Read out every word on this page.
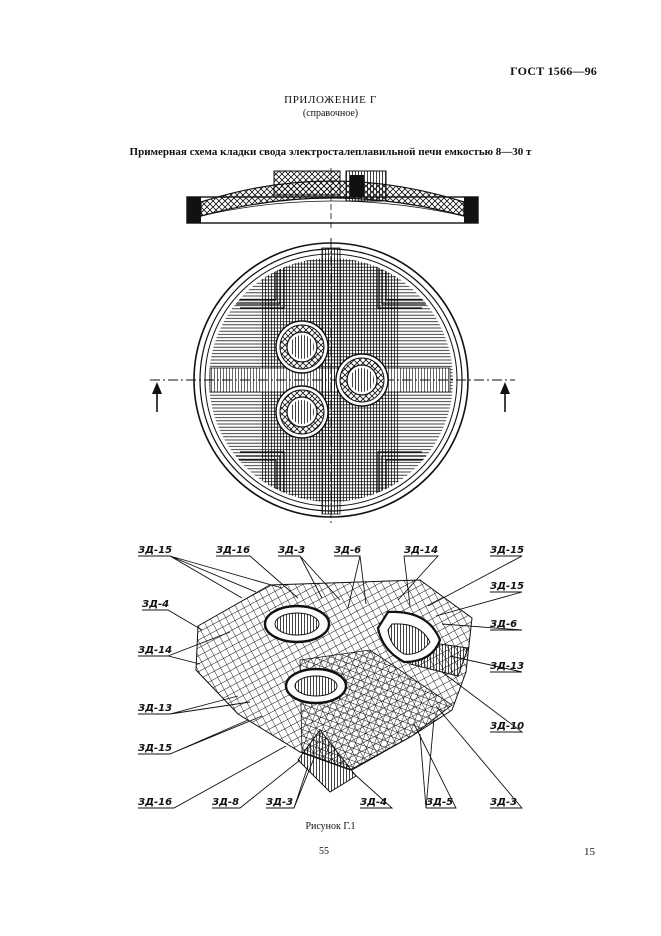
ГОСТ 1566—96
ПРИЛОЖЕНИЕ Г
(справочное)
Примерная схема кладки свода электросталеплавильной печи емкостью 8—30 т
ЗД-15	ЗД-16	ЗД-3	ЗД-6	ЗД-14	ЗД-15
ЗД-15
ЗД-4
ЗД-6
ЗД-14
ЗД-13
ЗД-13
ЗД-10
ЗД-15
ЗД-16	ЗД-8	ЗД-3	ЗД-4	ЗД-5	ЗД-3
Рисунок Г.1
55	15
